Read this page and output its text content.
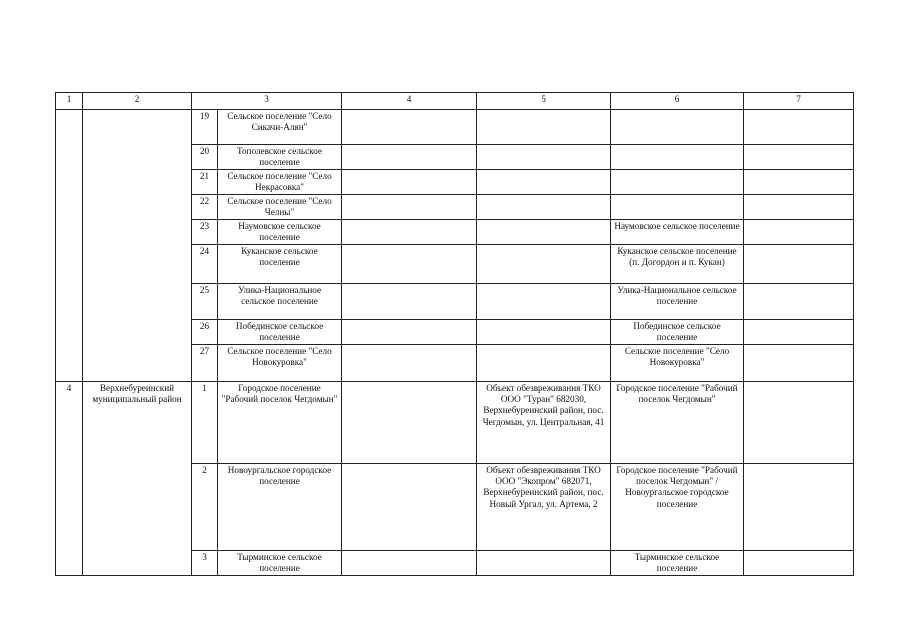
1	2	3		4	5	6	7
		19	Сельское поселение "Село Сикачи-Алян"				
		20	Тополевское сельское поселение				
		21	Сельское поселение "Село Некрасовка"				
		22	Сельское поселение "Село Челны"				
		23	Наумовское сельское поселение			Наумовское сельское поселение	
		24	Куканское сельское поселение			Куканское сельское поселение (п. Догордон и п. Кукан)	
		25	Улика-Национальное сельское поселение			Улика-Национальное сельское поселение	
		26	Побединское сельское поселение			Побединское сельское поселение	
		27	Сельское поселение "Село Новокуровка"			Сельское поселение "Село Новокуровка"	
4	Верхнебуреинский муниципальный район	1	Городское поселение "Рабочий поселок Чегдомын"		Объект обезвреживания ТКО ООО "Туран" 682030, Верхнебуреинский район, пос. Чегдомын, ул. Центральная, 41	Городское поселение "Рабочий поселок Чегдомын"	
		2	Новоургальское городское поселение		Объект обезвреживания ТКО ООО "Экопром" 682071, Верхнебуреинский район, пос. Новый Ургал, ул. Артема, 2	Городское поселение "Рабочий поселок Чегдомын" / Новоургальское городское поселение	
		3	Тырминское сельское поселение			Тырминское сельское поселение	
